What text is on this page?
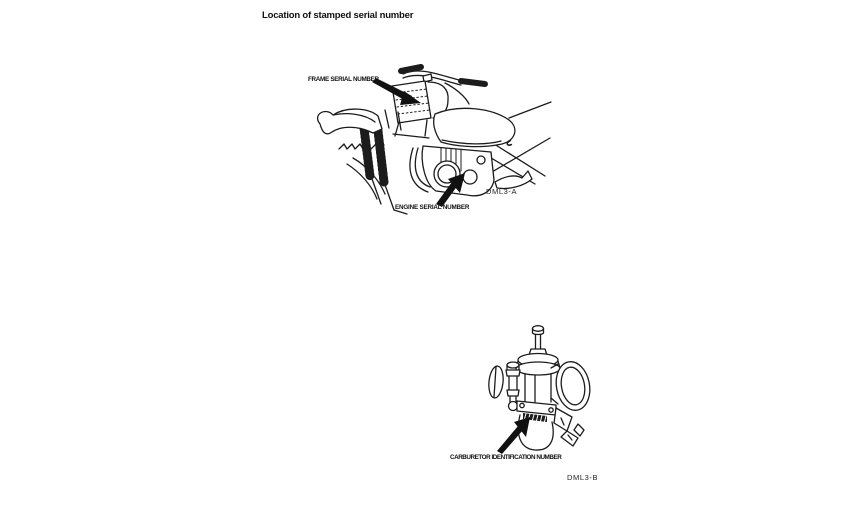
Location of stamped serial number
FRAME SERIAL NUMBER
ENGINE SERIAL NUMBER
DML3-A
CARBURETOR IDENTIFICATION NUMBER
DML3-B
